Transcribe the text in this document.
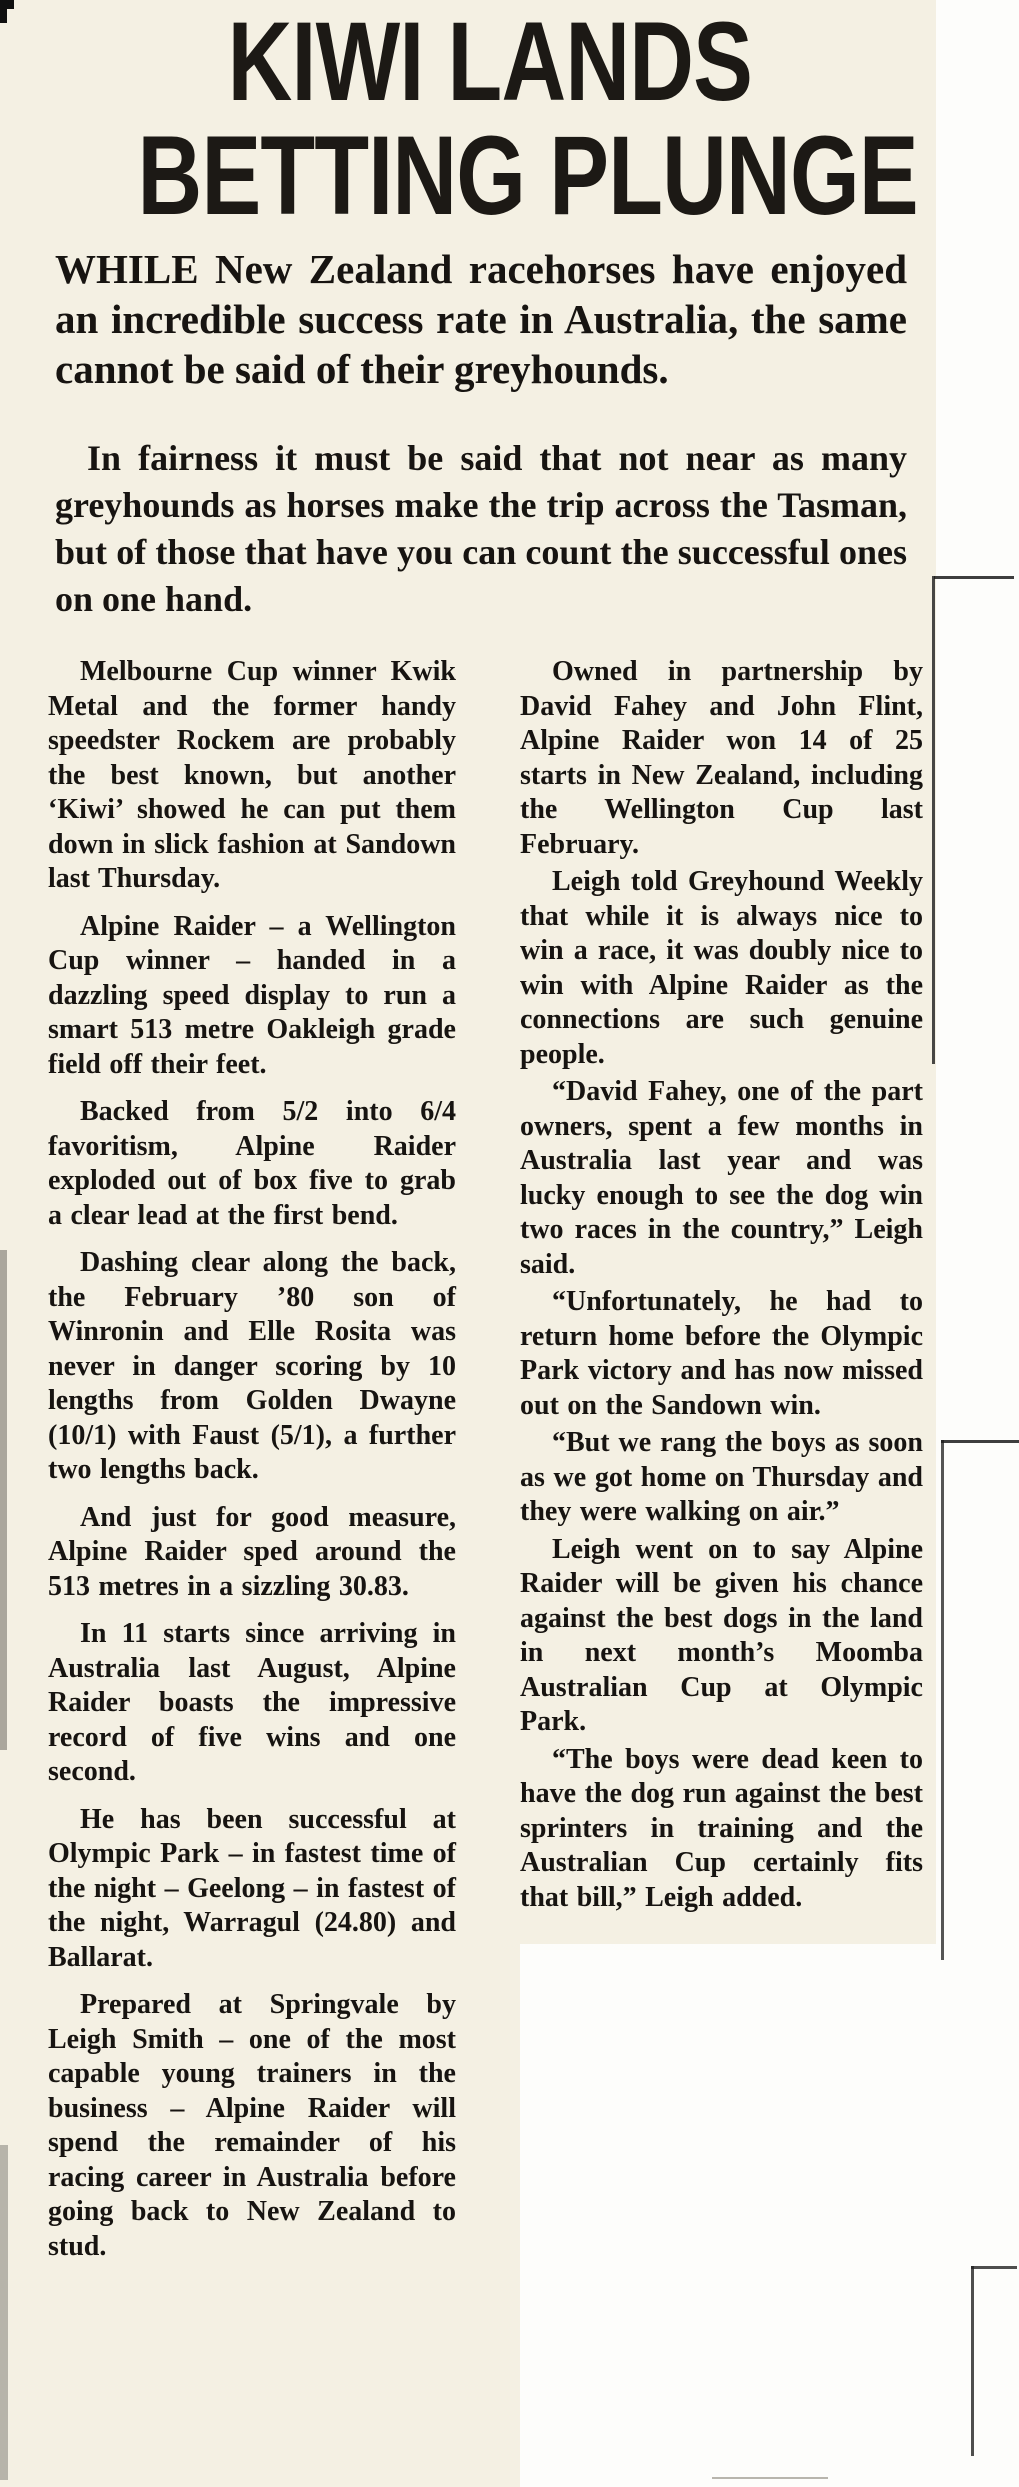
KIWI LANDS
BETTING PLUNGE
WHILE New Zealand racehorses have enjoyed an incredible success rate in Australia, the same cannot be said of their greyhounds.
In fairness it must be said that not near as many greyhounds as horses make the trip across the Tasman, but of those that have you can count the successful ones on one hand.

Melbourne Cup winner Kwik Metal and the former handy speedster Rockem are probably the best known, but another ‘Kiwi’ showed he can put them down in slick fashion at Sandown last Thursday.

Alpine Raider – a Wellington Cup winner – handed in a dazzling speed display to run a smart 513 metre Oakleigh grade field off their feet.

Backed from 5/2 into 6/4 favoritism, Alpine Raider exploded out of box five to grab a clear lead at the first bend.

Dashing clear along the back, the February ’80 son of Winronin and Elle Rosita was never in danger scoring by 10 lengths from Golden Dwayne (10/1) with Faust (5/1), a further two lengths back.

And just for good measure, Alpine Raider sped around the 513 metres in a sizzling 30.83.

In 11 starts since arriving in Australia last August, Alpine Raider boasts the impressive record of five wins and one second.

He has been successful at Olympic Park – in fastest time of the night – Geelong – in fastest of the night, Warragul (24.80) and Ballarat.

Prepared at Springvale by Leigh Smith – one of the most capable young trainers in the business – Alpine Raider will spend the remainder of his racing career in Australia before going back to New Zealand to stud.

Owned in partnership by David Fahey and John Flint, Alpine Raider won 14 of 25 starts in New Zealand, including the Wellington Cup last February.

Leigh told Greyhound Weekly that while it is always nice to win a race, it was doubly nice to win with Alpine Raider as the connections are such genuine people.

“David Fahey, one of the part owners, spent a few months in Australia last year and was lucky enough to see the dog win two races in the country,” Leigh said.

“Unfortunately, he had to return home before the Olympic Park victory and has now missed out on the Sandown win.

“But we rang the boys as soon as we got home on Thursday and they were walking on air.”

Leigh went on to say Alpine Raider will be given his chance against the best dogs in the land in next month’s Moomba Australian Cup at Olympic Park.

“The boys were dead keen to have the dog run against the best sprinters in training and the Australian Cup certainly fits that bill,” Leigh added.
